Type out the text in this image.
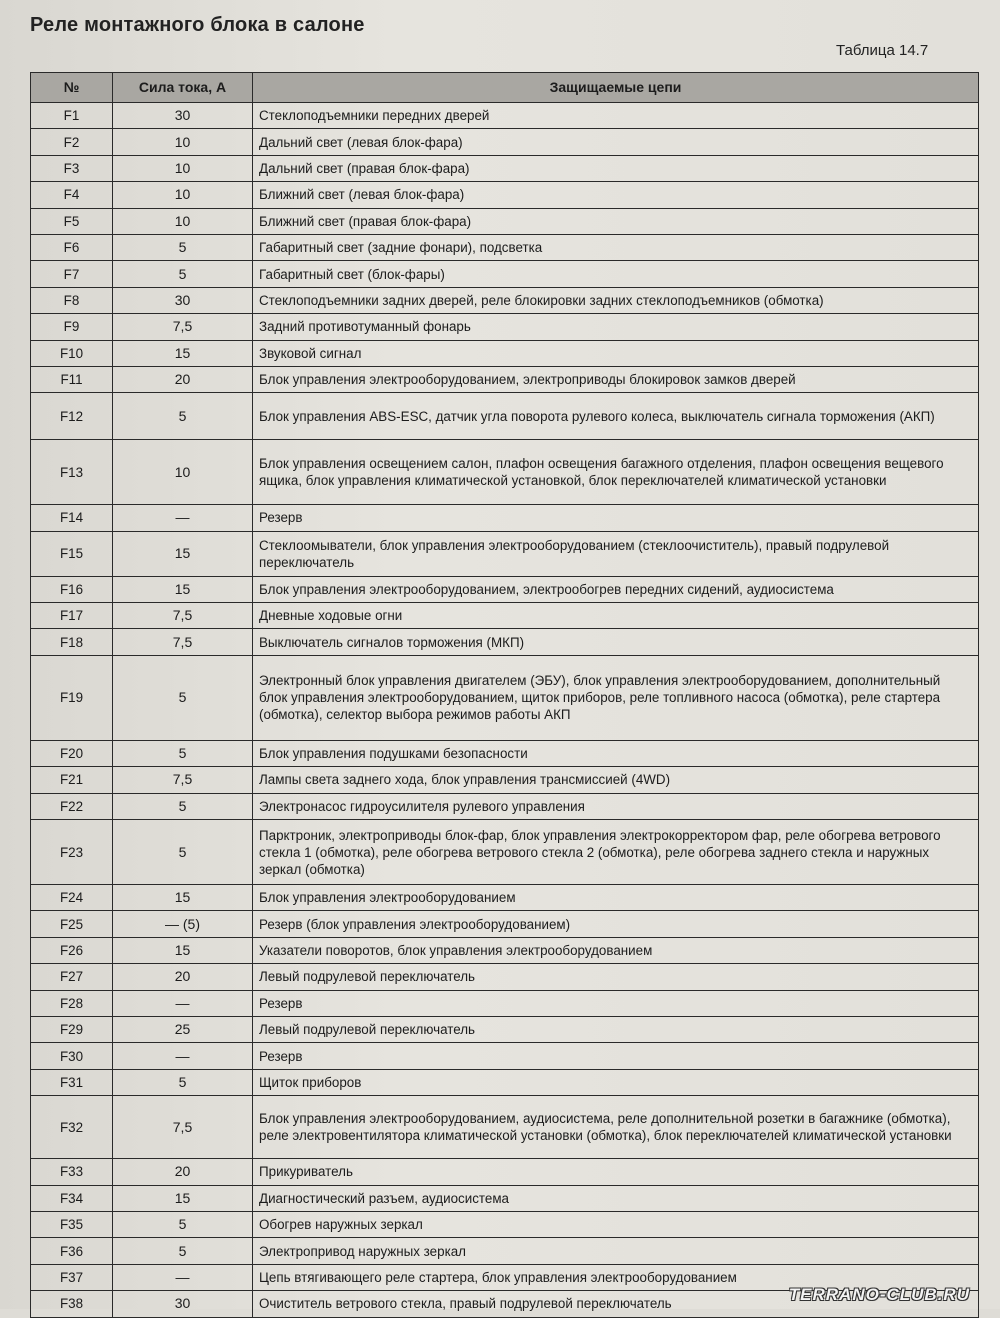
Реле монтажного блока в салоне
Таблица 14.7
№	Сила тока, А	Защищаемые цепи
F1	30	Стеклоподъемники передних дверей
F2	10	Дальний свет (левая блок-фара)
F3	10	Дальний свет (правая блок-фара)
F4	10	Ближний свет (левая блок-фара)
F5	10	Ближний свет (правая блок-фара)
F6	5	Габаритный свет (задние фонари), подсветка
F7	5	Габаритный свет (блок-фары)
F8	30	Стеклоподъемники задних дверей, реле блокировки задних стеклоподъемников (обмотка)
F9	7,5	Задний противотуманный фонарь
F10	15	Звуковой сигнал
F11	20	Блок управления электрооборудованием, электроприводы блокировок замков дверей
F12	5	Блок управления ABS-ESC, датчик угла поворота рулевого колеса, выключатель сигнала торможения (АКП)
F13	10	Блок управления освещением салон, плафон освещения багажного отделения, плафон освещения вещевого ящика, блок управления климатической установкой, блок переключателей климатической установки
F14	—	Резерв
F15	15	Стеклоомыватели, блок управления электрооборудованием (стеклоочиститель), правый подрулевой переключатель
F16	15	Блок управления электрооборудованием, электрообогрев передних сидений, аудиосистема
F17	7,5	Дневные ходовые огни
F18	7,5	Выключатель сигналов торможения (МКП)
F19	5	Электронный блок управления двигателем (ЭБУ), блок управления электрооборудованием, дополнительный блок управления электрооборудованием, щиток приборов, реле топливного насоса (обмотка), реле стартера (обмотка), селектор выбора режимов работы АКП
F20	5	Блок управления подушками безопасности
F21	7,5	Лампы света заднего хода, блок управления трансмиссией (4WD)
F22	5	Электронасос гидроусилителя рулевого управления
F23	5	Парктроник, электроприводы блок-фар, блок управления электрокорректором фар, реле обогрева ветрового стекла 1 (обмотка), реле обогрева ветрового стекла 2 (обмотка), реле обогрева заднего стекла и наружных зеркал (обмотка)
F24	15	Блок управления электрооборудованием
F25	— (5)	Резерв (блок управления электрооборудованием)
F26	15	Указатели поворотов, блок управления электрооборудованием
F27	20	Левый подрулевой переключатель
F28	—	Резерв
F29	25	Левый подрулевой переключатель
F30	—	Резерв
F31	5	Щиток приборов
F32	7,5	Блок управления электрооборудованием, аудиосистема, реле дополнительной розетки в багажнике (обмотка), реле электровентилятора климатической установки (обмотка), блок переключателей климатической установки
F33	20	Прикуриватель
F34	15	Диагностический разъем, аудиосистема
F35	5	Обогрев наружных зеркал
F36	5	Электропривод наружных зеркал
F37	—	Цепь втягивающего реле стартера, блок управления электрооборудованием
F38	30	Очиститель ветрового стекла, правый подрулевой переключатель	TERRANO-CLUB.RU
